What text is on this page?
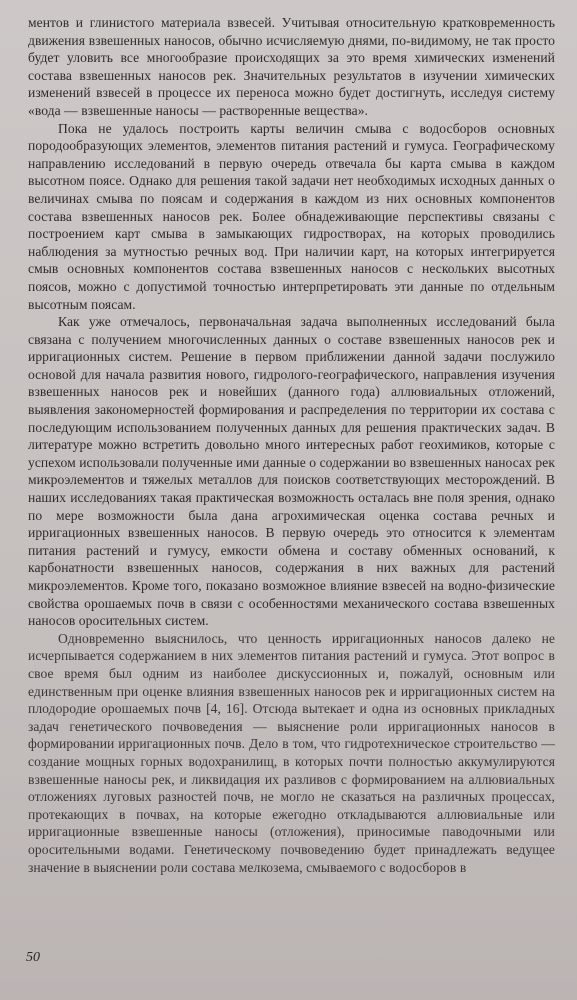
ментов и глинистого материала взвесей. Учитывая относительную кратковременность движения взвешенных наносов, обычно исчисляемую днями, по-видимому, не так просто будет уловить все многообразие происходящих за это время химических изменений состава взвешенных наносов рек. Значительных результатов в изучении химических изменений взвесей в процессе их переноса можно будет достигнуть, исследуя систему «вода — взвешенные наносы — растворенные вещества».

Пока не удалось построить карты величин смыва с водосборов основных породообразующих элементов, элементов питания растений и гумуса. Географическому направлению исследований в первую очередь отвечала бы карта смыва в каждом высотном поясе. Однако для решения такой задачи нет необходимых исходных данных о величинах смыва по поясам и содержания в каждом из них основных компонентов состава взвешенных наносов рек. Более обнадеживающие перспективы связаны с построением карт смыва в замыкающих гидростворах, на которых проводились наблюдения за мутностью речных вод. При наличии карт, на которых интегрируется смыв основных компонентов состава взвешенных наносов с нескольких высотных поясов, можно с допустимой точностью интерпретировать эти данные по отдельным высотным поясам.

Как уже отмечалось, первоначальная задача выполненных исследований была связана с получением многочисленных данных о составе взвешенных наносов рек и ирригационных систем. Решение в первом приближении данной задачи послужило основой для начала развития нового, гидролого-географического, направления изучения взвешенных наносов рек и новейших (данного года) аллювиальных отложений, выявления закономерностей формирования и распределения по территории их состава с последующим использованием полученных данных для решения практических задач. В литературе можно встретить довольно много интересных работ геохимиков, которые с успехом использовали полученные ими данные о содержании во взвешенных наносах рек микроэлементов и тяжелых металлов для поисков соответствующих месторождений. В наших исследованиях такая практическая возможность осталась вне поля зрения, однако по мере возможности была дана агрохимическая оценка состава речных и ирригационных взвешенных наносов. В первую очередь это относится к элементам питания растений и гумусу, емкости обмена и составу обменных оснований, к карбонатности взвешенных наносов, содержания в них важных для растений микроэлементов. Кроме того, показано возможное влияние взвесей на водно-физические свойства орошаемых почв в связи с особенностями механического состава взвешенных наносов оросительных систем.

Одновременно выяснилось, что ценность ирригационных наносов далеко не исчерпывается содержанием в них элементов питания растений и гумуса. Этот вопрос в свое время был одним из наиболее дискуссионных и, пожалуй, основным или единственным при оценке влияния взвешенных наносов рек и ирригационных систем на плодородие орошаемых почв [4, 16]. Отсюда вытекает и одна из основных прикладных задач генетического почвоведения — выяснение роли ирригационных наносов в формировании ирригационных почв. Дело в том, что гидротехническое строительство — создание мощных горных водохранилищ, в которых почти полностью аккумулируются взвешенные наносы рек, и ликвидация их разливов с формированием на аллювиальных отложениях луговых разностей почв, не могло не сказаться на различных процессах, протекающих в почвах, на которые ежегодно откладываются аллювиальные или ирригационные взвешенные наносы (отложения), приносимые паводочными или оросительными водами. Генетическому почвоведению будет принадлежать ведущее значение в выяснении роли состава мелкозема, смываемого с водосборов в

50
